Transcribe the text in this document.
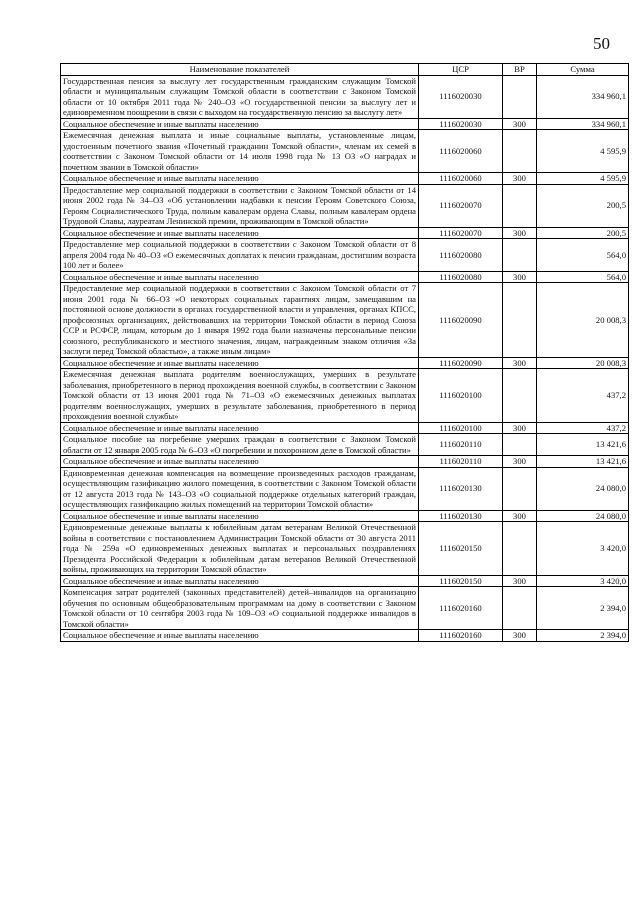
50
Наименование показателей	ЦСР	ВР	Сумма
Государственная пенсия за выслугу лет государственным гражданским служащим Томской области и муниципальным служащим Томской области в соответствии с Законом Томской области от 10 октября 2011 года № 240–ОЗ «О государственной пенсии за выслугу лет и единовременном поощрении в связи с выходом на государственную пенсию за выслугу лет»	1116020030		334 960,1
Социальное обеспечение и иные выплаты населению	1116020030	300	334 960,1
Ежемесячная денежная выплата и иные социальные выплаты, установленные лицам, удостоенным почетного звания «Почетный гражданин Томской области», членам их семей в соответствии с Законом Томской области от 14 июля 1998 года № 13 ОЗ «О наградах и почетном звании в Томской области»	1116020060		4 595,9
Социальное обеспечение и иные выплаты населению	1116020060	300	4 595,9
Предоставление мер социальной поддержки в соответствии с Законом Томской области от 14 июня 2002 года № 34–ОЗ «Об установлении надбавки к пенсии Героям Советского Союза, Героям Социалистического Труда, полным кавалерам ордена Славы, полным кавалерам ордена Трудовой Славы, лауреатам Ленинской премии, проживающим в Томской области»	1116020070		200,5
Социальное обеспечение и иные выплаты населению	1116020070	300	200,5
Предоставление мер социальной поддержки в соответствии с Законом Томской области от 8 апреля 2004 года № 40–ОЗ «О ежемесячных доплатах к пенсии гражданам, достигшим возраста 100 лет и более»	1116020080		564,0
Социальное обеспечение и иные выплаты населению	1116020080	300	564,0
Предоставление мер социальной поддержки в соответствии с Законом Томской области от 7 июня 2001 года № 66–ОЗ «О некоторых социальных гарантиях лицам, замещавшим на постоянной основе должности в органах государственной власти и управления, органах КПСС, профсоюзных организациях, действовавших на территории Томской области в период Союза ССР и РСФСР, лицам, которым до 1 января 1992 года были назначены персональные пенсии союзного, республиканского и местного значения, лицам, награжденным знаком отличия «За заслуги перед Томской областью», а также иным лицам»	1116020090		20 008,3
Социальное обеспечение и иные выплаты населению	1116020090	300	20 008,3
Ежемесячная денежная выплата родителям военнослужащих, умерших в результате заболевания, приобретенного в период прохождения военной службы, в соответствии с Законом Томской области от 13 июня 2001 года № 71–ОЗ «О ежемесячных денежных выплатах родителям военнослужащих, умерших в результате заболевания, приобретенного в период прохождения военной службы»	1116020100		437,2
Социальное обеспечение и иные выплаты населению	1116020100	300	437,2
Социальное пособие на погребение умерших граждан в соответствии с Законом Томской области от 12 января 2005 года № 6–ОЗ «О погребении и похоронном деле в Томской области»	1116020110		13 421,6
Социальное обеспечение и иные выплаты населению	1116020110	300	13 421,6
Единовременная денежная компенсация на возмещение произведенных расходов гражданам, осуществляющим газификацию жилого помещения, в соответствии с Законом Томской области от 12 августа 2013 года № 143–ОЗ «О социальной поддержке отдельных категорий граждан, осуществляющих газификацию жилых помещений на территории Томской области»	1116020130		24 080,0
Социальное обеспечение и иные выплаты населению	1116020130	300	24 080,0
Единовременные денежные выплаты к юбилейным датам ветеранам Великой Отечественной войны в соответствии с постановлением Администрации Томской области от 30 августа 2011 года № 259а «О единовременных денежных выплатах и персональных поздравлениях Президента Российской Федерации к юбилейным датам ветеранов Великой Отечественной войны, проживающих на территории Томской области»	1116020150		3 420,0
Социальное обеспечение и иные выплаты населению	1116020150	300	3 420,0
Компенсация затрат родителей (законных представителей) детей–инвалидов на организацию обучения по основным общеобразовательным программам на дому в соответствии с Законом Томской области от 10 сентября 2003 года № 109–ОЗ «О социальной поддержке инвалидов в Томской области»	1116020160		2 394,0
Социальное обеспечение и иные выплаты населению	1116020160	300	2 394,0
